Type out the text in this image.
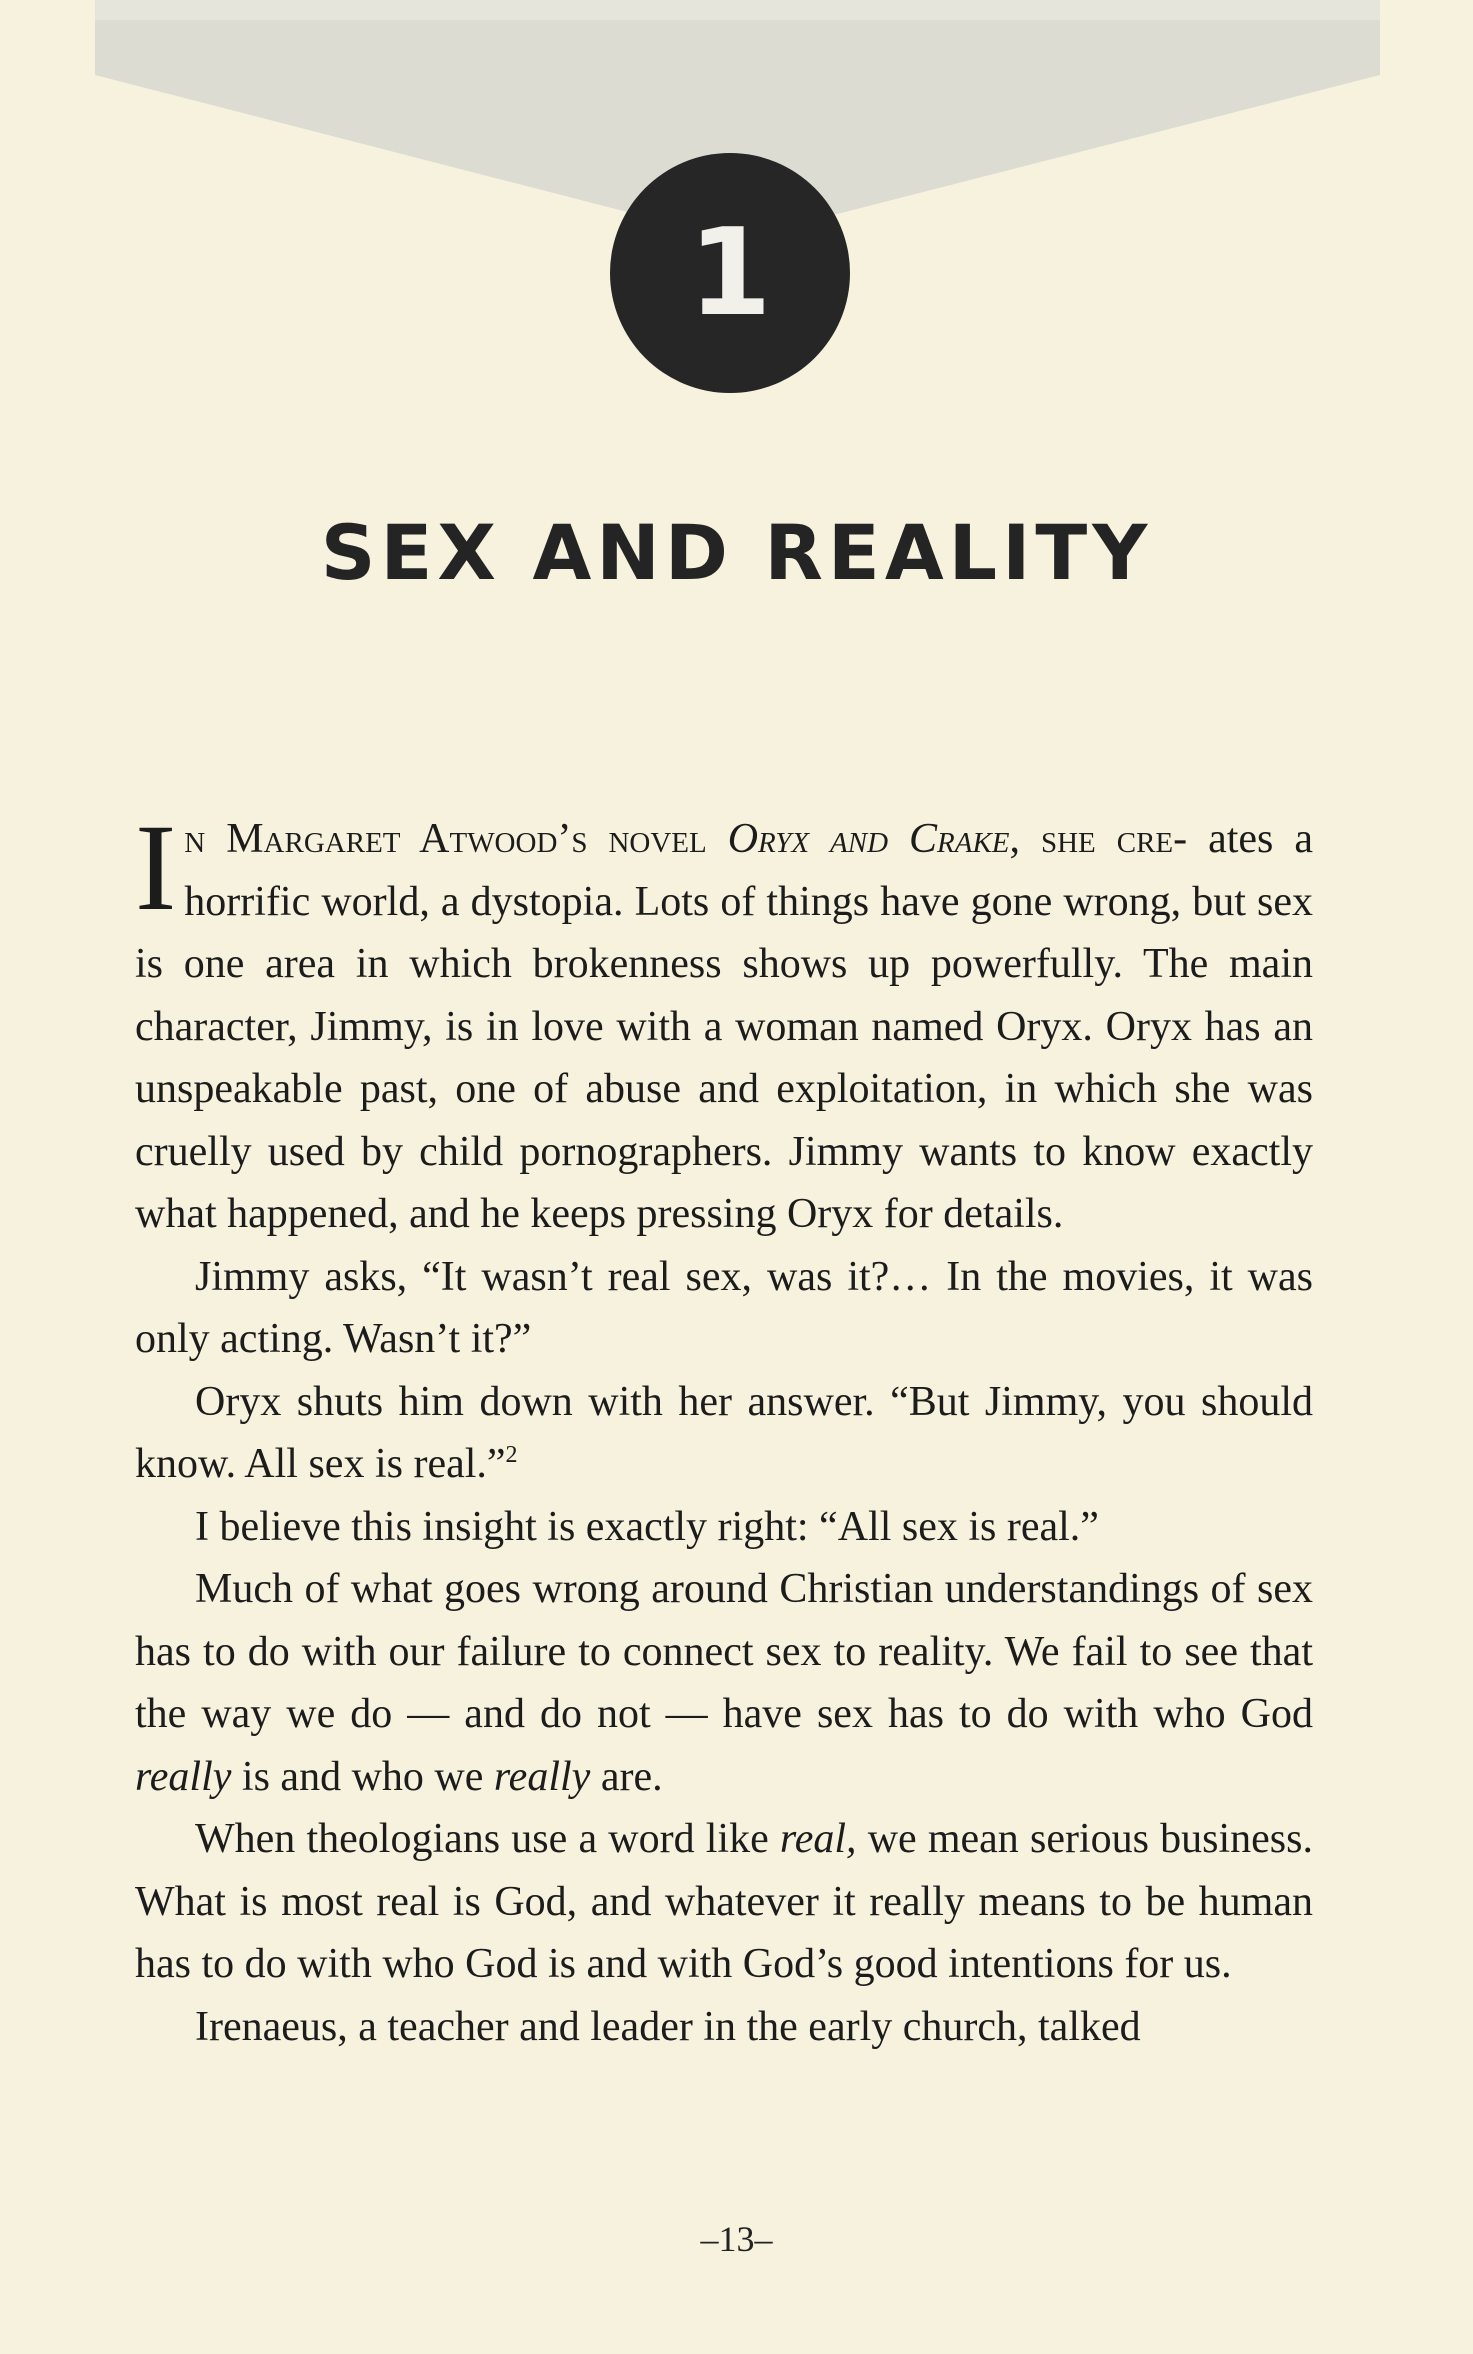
1
SEX AND REALITY

In Margaret Atwood’s novel Oryx and Crake, she cre- ates a horrific world, a dystopia. Lots of things have gone wrong, but sex is one area in which brokenness shows up powerfully. The main character, Jimmy, is in love with a woman named Oryx. Oryx has an unspeakable past, one of abuse and exploitation, in which she was cruelly used by child pornographers. Jimmy wants to know exactly what happened, and he keeps pressing Oryx for details.

Jimmy asks, “It wasn’t real sex, was it?… In the movies, it was only acting. Wasn’t it?”

Oryx shuts him down with her answer. “But Jimmy, you should know. All sex is real.”$^2$

I believe this insight is exactly right: “All sex is real.”

Much of what goes wrong around Christian understandings of sex has to do with our failure to connect sex to reality. We fail to see that the way we do — and do not — have sex has to do with who God really is and who we really are.

When theologians use a word like real, we mean serious business. What is most real is God, and whatever it really means to be human has to do with who God is and with God’s good intentions for us.

Irenaeus, a teacher and leader in the early church, talked

–13–
